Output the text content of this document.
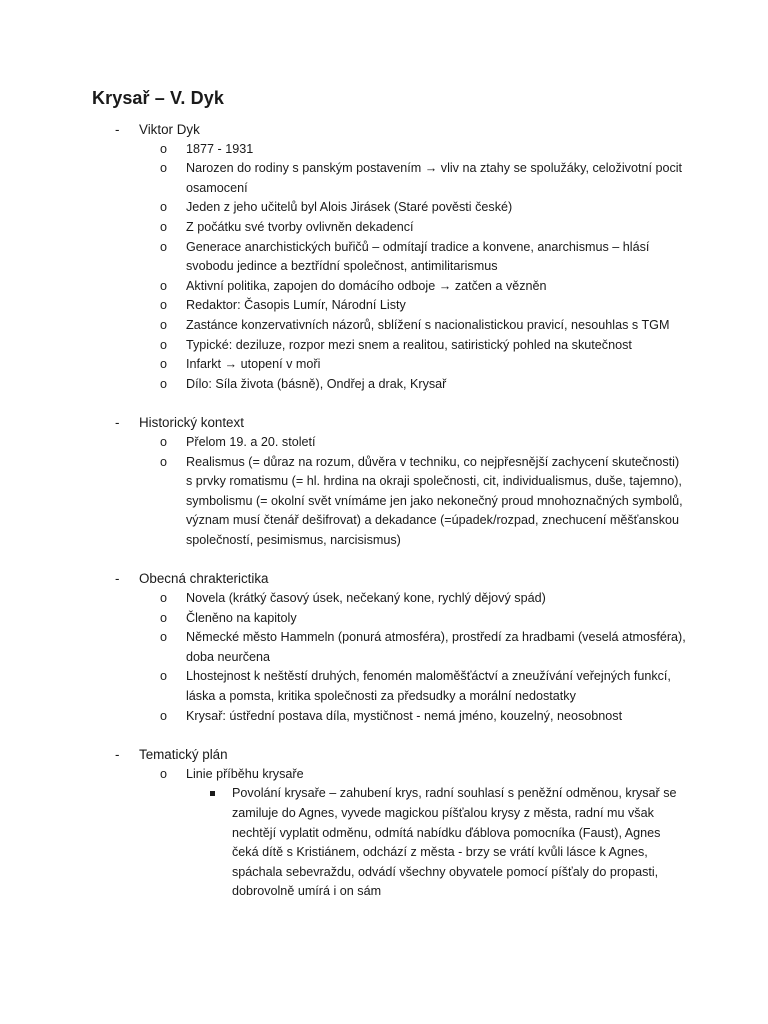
Krysař – V. Dyk
- Viktor Dyk
o 1877 - 1931
o Narozen do rodiny s panským postavením → vliv na ztahy se spolužáky, celoživotní pocit osamocení
o Jeden z jeho učitelů byl Alois Jirásek (Staré pověsti české)
o Z počátku své tvorby ovlivněn dekadencí
o Generace anarchistických buřičů – odmítají tradice a konvene, anarchismus – hlásí svobodu jedince a beztřídní společnost, antimilitarismus
o Aktivní politika, zapojen do domácího odboje → zatčen a vězněn
o Redaktor: Časopis Lumír, Národní Listy
o Zastánce konzervativních názorů, sblížení s nacionalistickou pravicí, nesouhlas s TGM
o Typické: deziluze, rozpor mezi snem a realitou, satiristický pohled na skutečnost
o Infarkt → utopení v moři
o Dílo: Síla života (básně), Ondřej a drak, Krysař
- Historický kontext
o Přelom 19. a 20. století
o Realismus (= důraz na rozum, důvěra v techniku, co nejpřesnější zachycení skutečnosti) s prvky romatismu (= hl. hrdina na okraji společnosti, cit, individualismus, duše, tajemno), symbolismu (= okolní svět vnímáme jen jako nekonečný proud mnohoznačných symbolů, význam musí čtenář dešifrovat) a dekadance (=úpadek/rozpad, znechucení měšťanskou společností, pesimismus, narcisismus)
- Obecná chrakterictika
o Novela (krátký časový úsek, nečekaný kone, rychlý dějový spád)
o Členěno na kapitoly
o Německé město Hammeln (ponurá atmosféra), prostředí za hradbami (veselá atmosféra), doba neurčena
o Lhostejnost k neštěstí druhých, fenomén maloměšťáctví a zneužívání veřejných funkcí, láska a pomsta, kritika společnosti za předsudky a morální nedostatky
o Krysař: ústřední postava díla, mystičnost - nemá jméno, kouzelný, neosobnost
- Tematický plán
o Linie příběhu krysaře
Povolání krysaře – zahubení krys, radní souhlasí s peněžní odměnou, krysař se zamiluje do Agnes, vyvede magickou píšťalou krysy z města, radní mu však nechtějí vyplatit odměnu, odmítá nabídku ďáblova pomocníka (Faust), Agnes čeká dítě s Kristiánem, odchází z města - brzy se vrátí kvůli lásce k Agnes, spáchala sebevraždu, odvádí všechny obyvatele pomocí píšťaly do propasti, dobrovolně umírá i on sám
